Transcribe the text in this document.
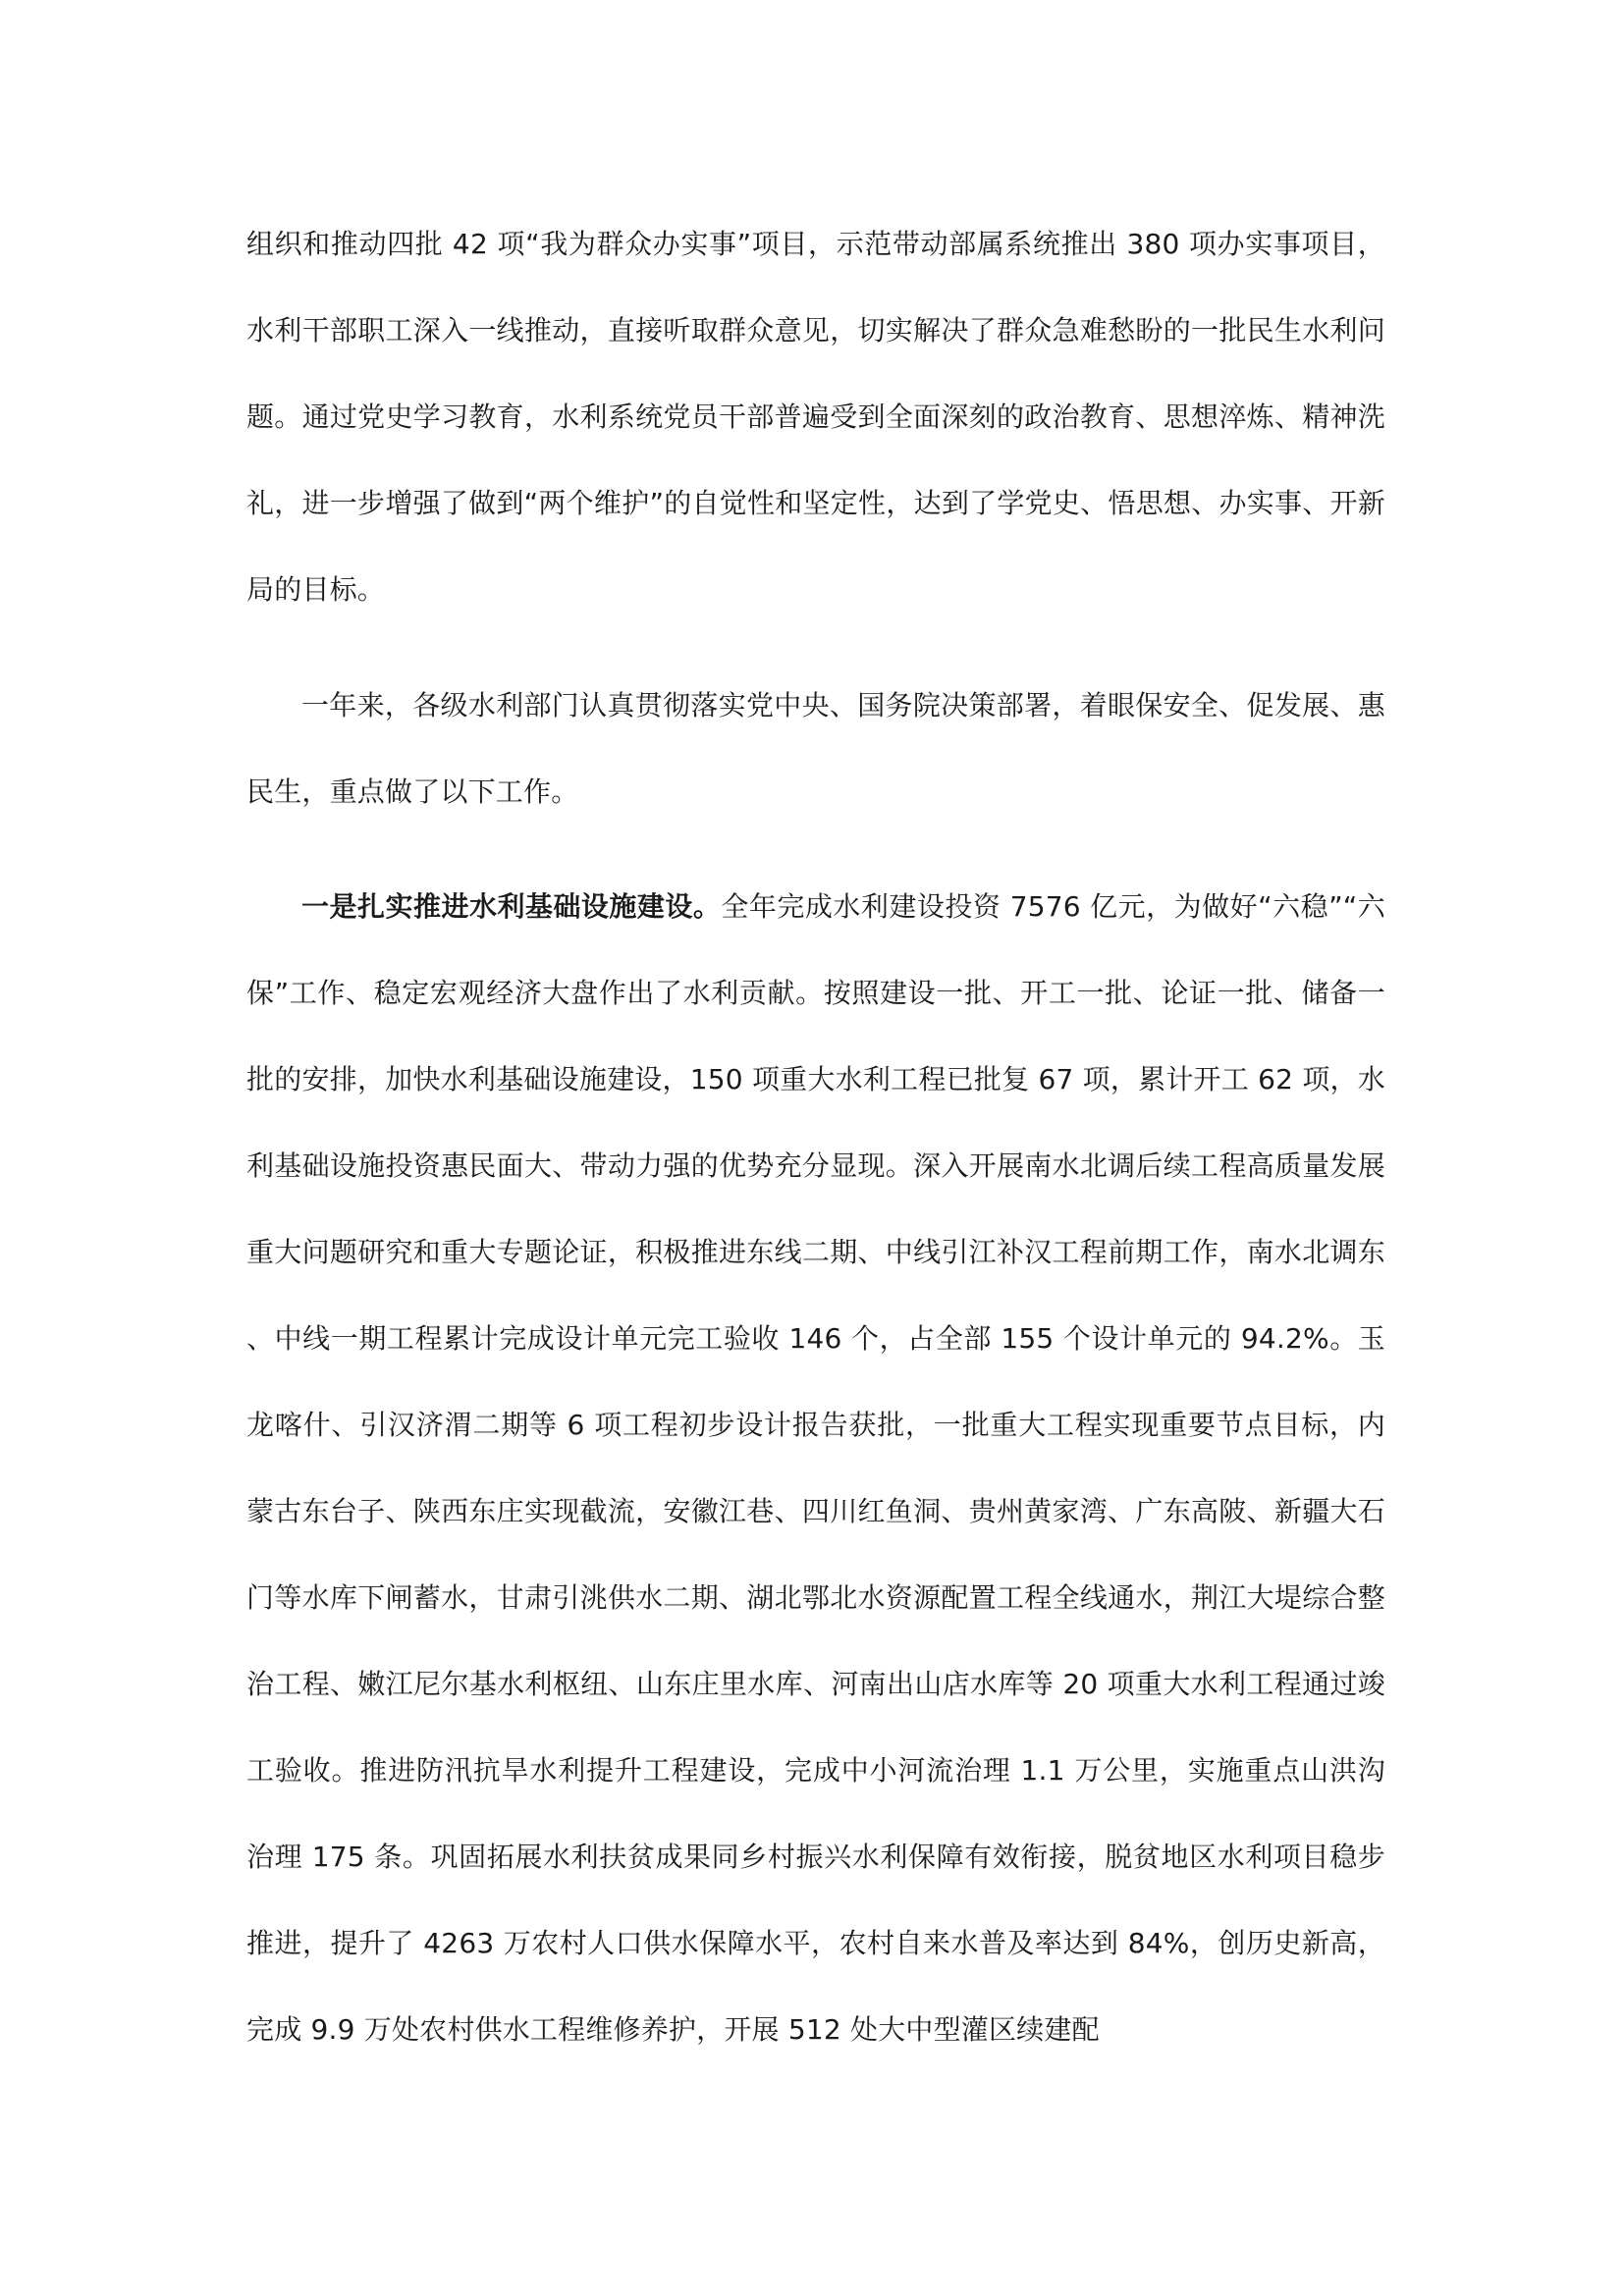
组织和推动四批 42 项“我为群众办实事”项目，示范带动部属系统推出 380 项办实事项目，水利干部职工深入一线推动，直接听取群众意见，切实解决了群众急难愁盼的一批民生水利问题。通过党史学习教育，水利系统党员干部普遍受到全面深刻的政治教育、思想淬炼、精神洗礼，进一步增强了做到“两个维护”的自觉性和坚定性，达到了学党史、悟思想、办实事、开新局的目标。
一年来，各级水利部门认真贯彻落实党中央、国务院决策部署，着眼保安全、促发展、惠民生，重点做了以下工作。
一是扎实推进水利基础设施建设。全年完成水利建设投资 7576 亿元，为做好“六稳”“六保”工作、稳定宏观经济大盘作出了水利贡献。按照建设一批、开工一批、论证一批、储备一批的安排，加快水利基础设施建设，150 项重大水利工程已批复 67 项，累计开工 62 项，水利基础设施投资惠民面大、带动力强的优势充分显现。深入开展南水北调后续工程高质量发展重大问题研究和重大专题论证，积极推进东线二期、中线引江补汉工程前期工作，南水北调东、中线一期工程累计完成设计单元完工验收 146 个，占全部 155 个设计单元的 94.2%。玉龙喀什、引汉济渭二期等 6 项工程初步设计报告获批，一批重大工程实现重要节点目标，内蒙古东台子、陕西东庄实现截流，安徽江巷、四川红鱼洞、贵州黄家湾、广东高陂、新疆大石门等水库下闸蓄水，甘肃引洮供水二期、湖北鄂北水资源配置工程全线通水，荆江大堤综合整治工程、嫩江尼尔基水利枢纽、山东庄里水库、河南出山店水库等 20 项重大水利工程通过竣工验收。推进防汛抗旱水利提升工程建设，完成中小河流治理 1.1 万公里，实施重点山洪沟治理 175 条。巩固拓展水利扶贫成果同乡村振兴水利保障有效衔接，脱贫地区水利项目稳步推进，提升了 4263 万农村人口供水保障水平，农村自来水普及率达到 84%，创历史新高，完成 9.9 万处农村供水工程维修养护，开展 512 处大中型灌区续建配
